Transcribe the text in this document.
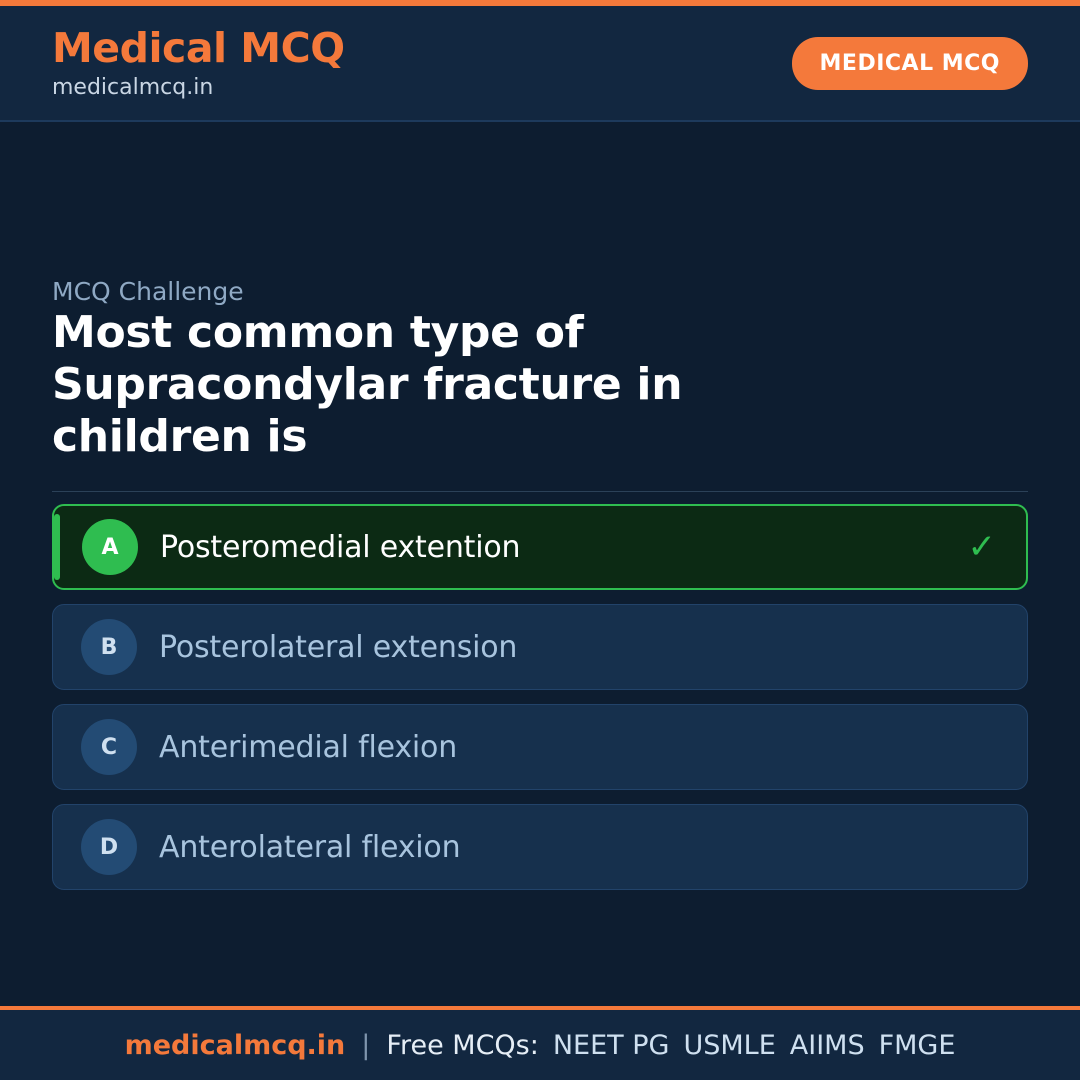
Medical MCQ
medicalmcq.in
MEDICAL MCQ
MCQ Challenge
Most common type of Supracondylar fracture in children is
A	Posteromedial extention	✓
B	Posterolateral extension
C	Anterimedial flexion
D	Anterolateral flexion
medicalmcq.in | Free MCQs: NEET PG USMLE AIIMS FMGE
